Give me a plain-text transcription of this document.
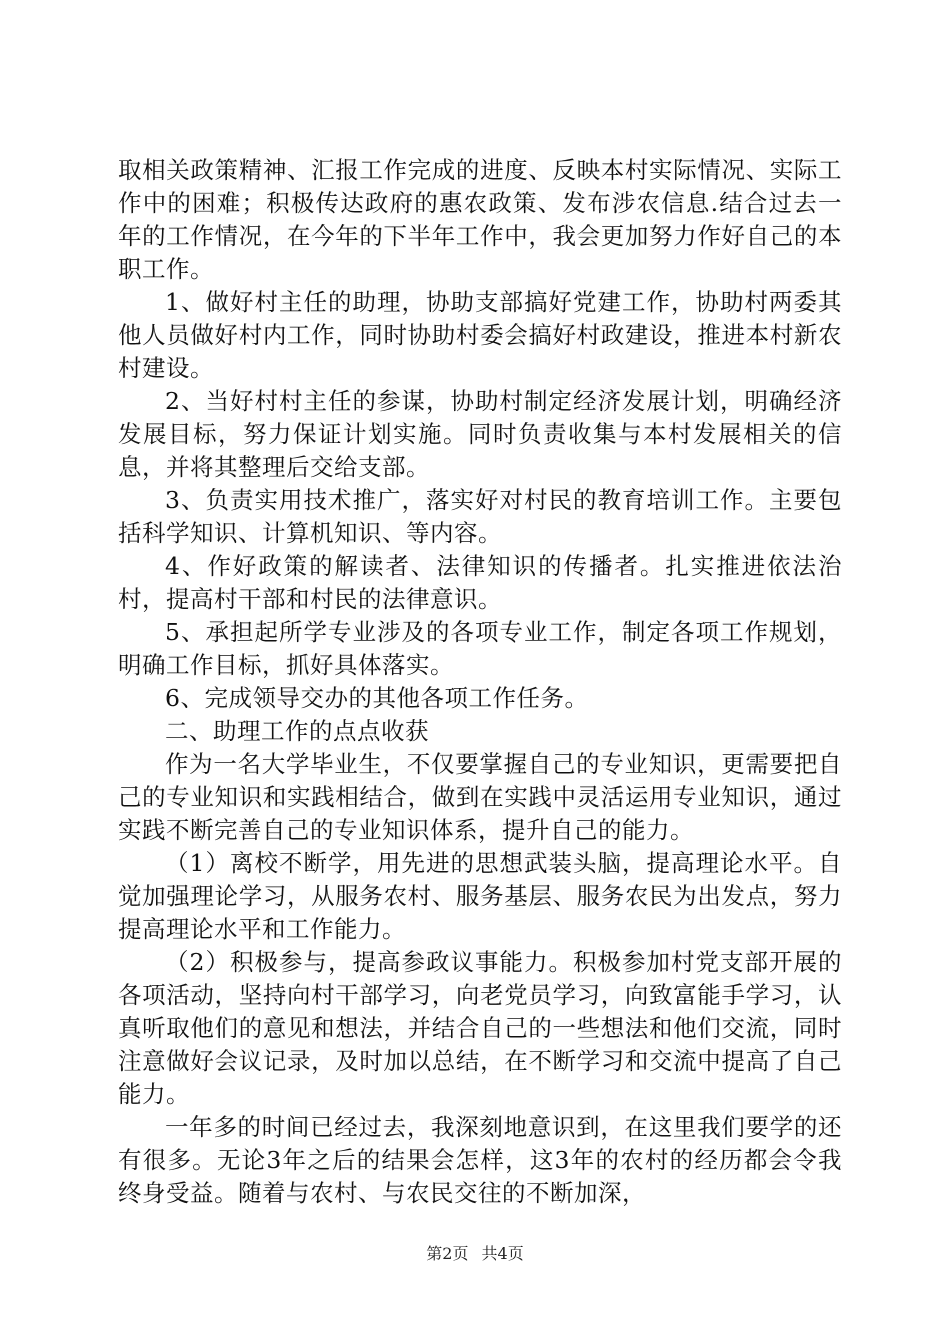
取相关政策精神、汇报工作完成的进度、反映本村实际情况、实际工作中的困难；积极传达政府的惠农政策、发布涉农信息.结合过去一年的工作情况，在今年的下半年工作中，我会更加努力作好自己的本职工作。

1、做好村主任的助理，协助支部搞好党建工作，协助村两委其他人员做好村内工作，同时协助村委会搞好村政建设，推进本村新农村建设。

2、当好村村主任的参谋，协助村制定经济发展计划，明确经济发展目标，努力保证计划实施。同时负责收集与本村发展相关的信息，并将其整理后交给支部。

3、负责实用技术推广，落实好对村民的教育培训工作。主要包括科学知识、计算机知识、等内容。

4、作好政策的解读者、法律知识的传播者。扎实推进依法治村，提高村干部和村民的法律意识。

5、承担起所学专业涉及的各项专业工作，制定各项工作规划，明确工作目标，抓好具体落实。

6、完成领导交办的其他各项工作任务。

二、助理工作的点点收获

作为一名大学毕业生，不仅要掌握自己的专业知识，更需要把自己的专业知识和实践相结合，做到在实践中灵活运用专业知识，通过实践不断完善自己的专业知识体系，提升自己的能力。

（1）离校不断学，用先进的思想武装头脑，提高理论水平。自觉加强理论学习，从服务农村、服务基层、服务农民为出发点，努力提高理论水平和工作能力。

（2）积极参与，提高参政议事能力。积极参加村党支部开展的各项活动，坚持向村干部学习，向老党员学习，向致富能手学习，认真听取他们的意见和想法，并结合自己的一些想法和他们交流，同时注意做好会议记录，及时加以总结，在不断学习和交流中提高了自己能力。

一年多的时间已经过去，我深刻地意识到，在这里我们要学的还有很多。无论3年之后的结果会怎样，这3年的农村的经历都会令我终身受益。随着与农村、与农民交往的不断加深，

第2页 共4页
